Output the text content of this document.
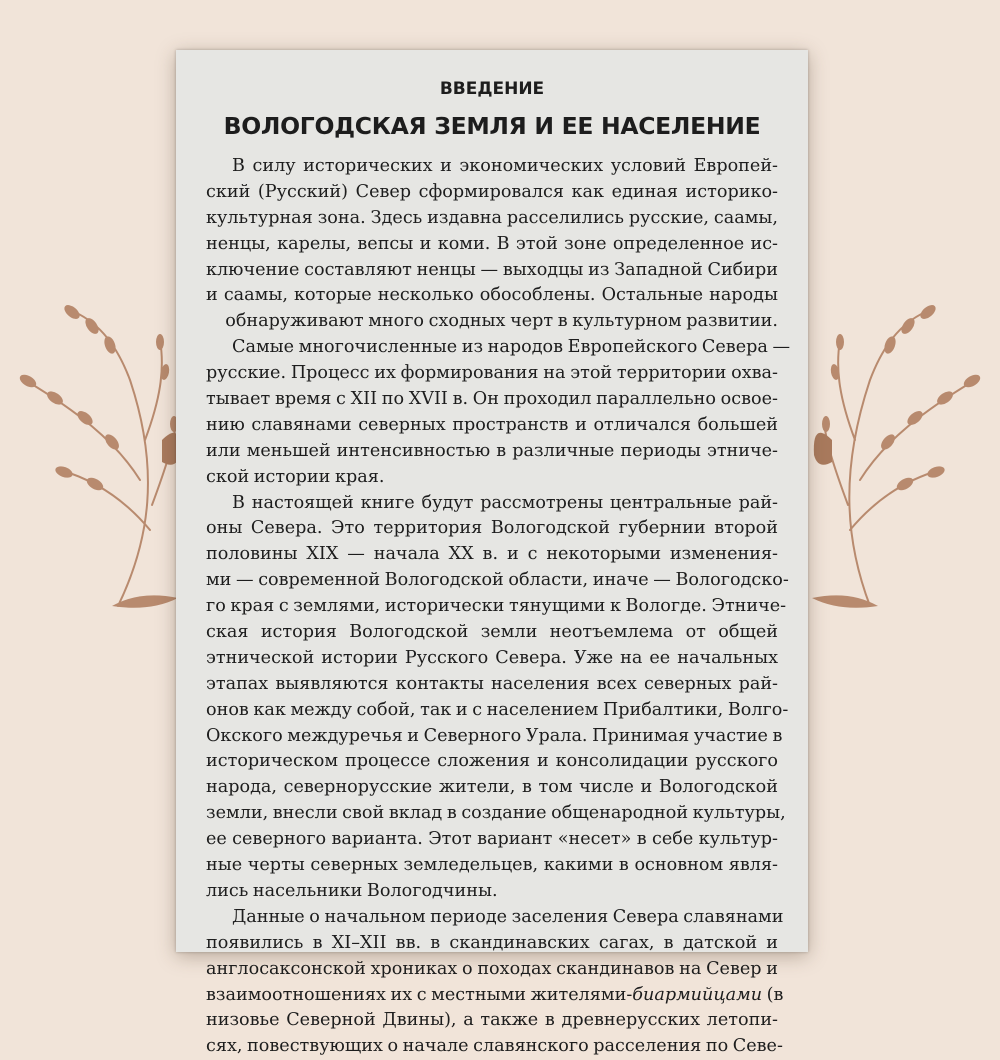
ВВЕДЕНИЕ
ВОЛОГОДСКАЯ ЗЕМЛЯ И ЕЕ НАСЕЛЕНИЕ
В силу исторических и экономических условий Европей-
ский (Русский) Север сформировался как единая историко-
культурная зона. Здесь издавна расселились русские, саамы,
ненцы, карелы, вепсы и коми. В этой зоне определенное ис-
ключение составляют ненцы — выходцы из Западной Сибири
и саамы, которые несколько обособлены. Остальные народы
обнаруживают много сходных черт в культурном развитии.
Самые многочисленные из народов Европейского Севера —
русские. Процесс их формирования на этой территории охва-
тывает время с XII по XVII в. Он проходил параллельно освое-
нию славянами северных пространств и отличался большей
или меньшей интенсивностью в различные периоды этниче-
ской истории края.
В настоящей книге будут рассмотрены центральные рай-
оны Севера. Это территория Вологодской губернии второй
половины XIX — начала XX в. и с некоторыми изменения-
ми — современной Вологодской области, иначе — Вологодско-
го края с землями, исторически тянущими к Вологде. Этниче-
ская история Вологодской земли неотъемлема от общей
этнической истории Русского Севера. Уже на ее начальных
этапах выявляются контакты населения всех северных рай-
онов как между собой, так и с населением Прибалтики, Волго-
Окского междуречья и Северного Урала. Принимая участие в
историческом процессе сложения и консолидации русского
народа, севернорусские жители, в том числе и Вологодской
земли, внесли свой вклад в создание общенародной культуры,
ее северного варианта. Этот вариант «несет» в себе культур-
ные черты северных земледельцев, какими в основном явля-
лись насельники Вологодчины.
Данные о начальном периоде заселения Севера славянами
появились в XI–XII вв. в скандинавских сагах, в датской и
англосаксонской хрониках о походах скандинавов на Север и
взаимоотношениях их с местными жителями-биармийцами (в
низовье Северной Двины), а также в древнерусских летопи-
сях, повествующих о начале славянского расселения по Севе-
